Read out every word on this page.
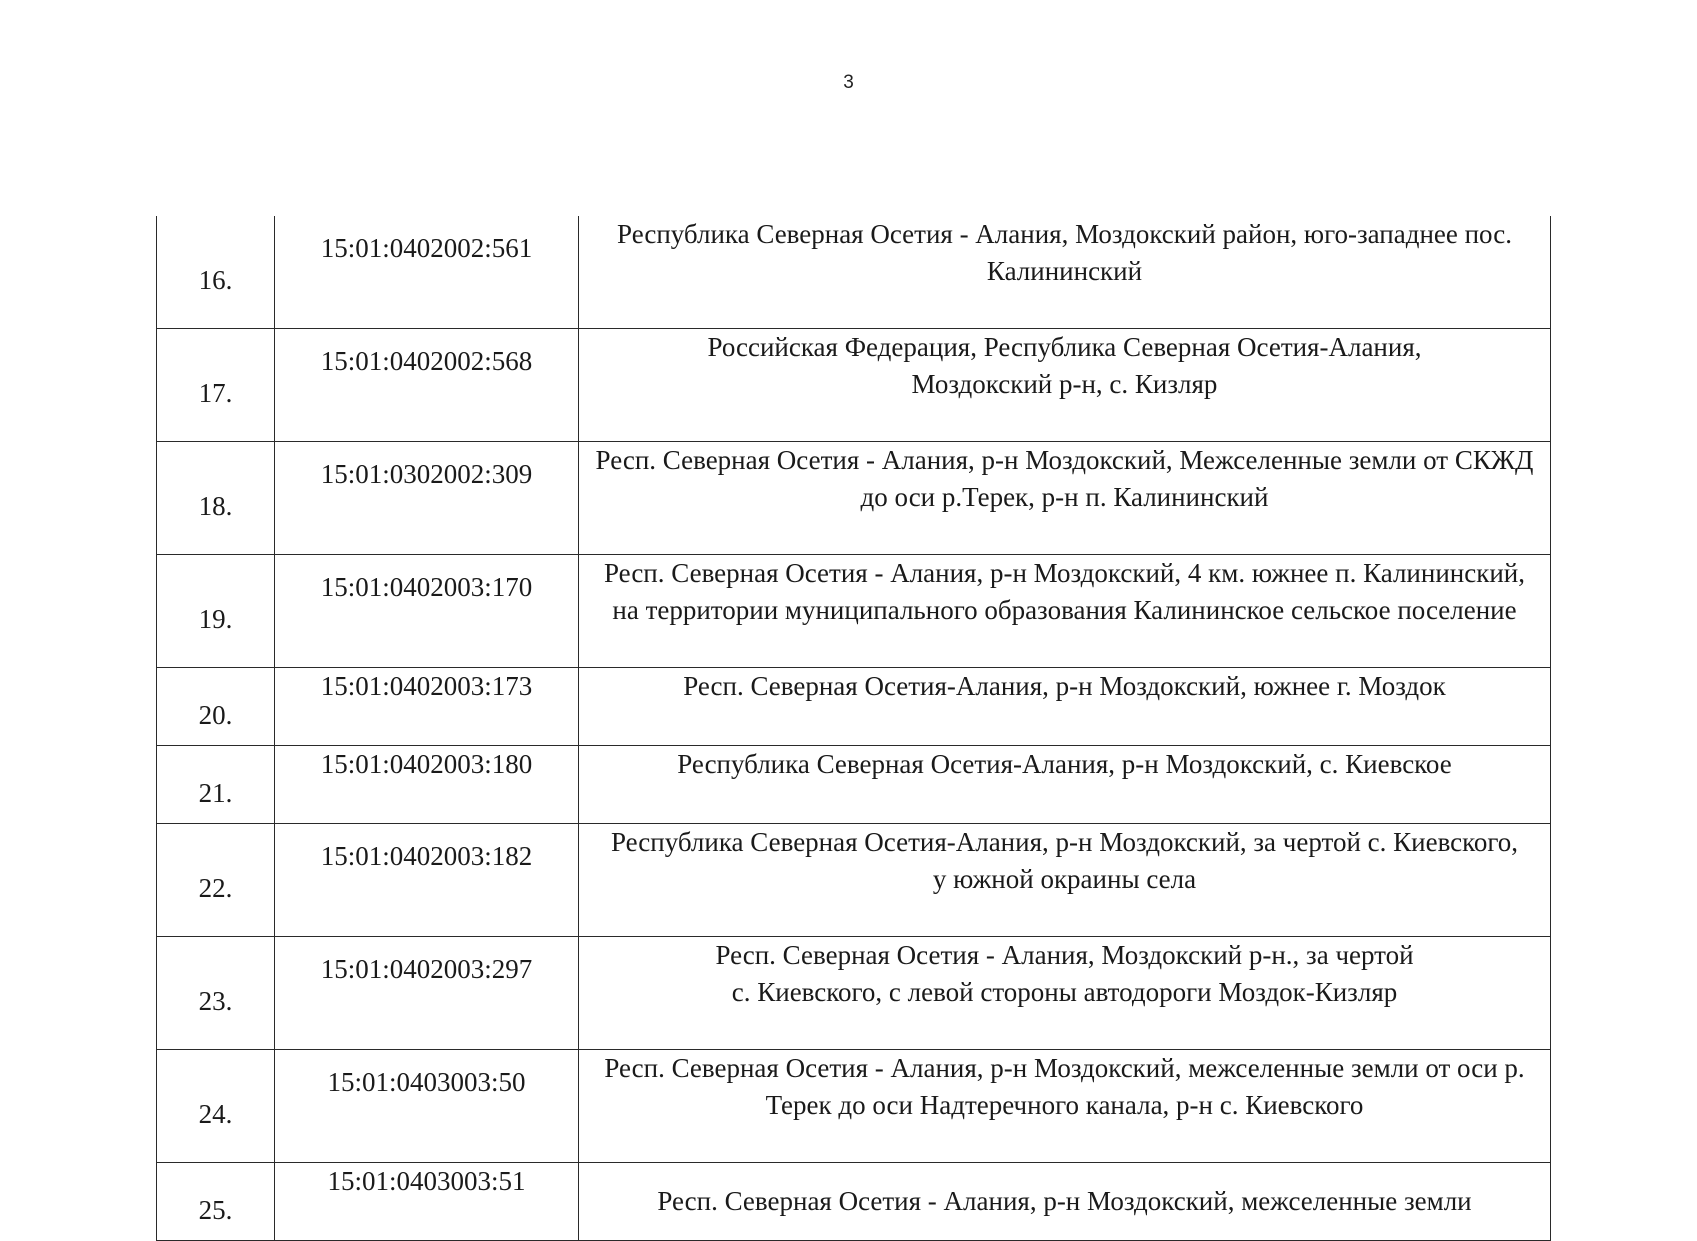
3
16.	15:01:0402002:561	Республика Северная Осетия - Алания, Моздокский район, юго-западнее пос.
Калининский

17.	15:01:0402002:568	Российская Федерация, Республика Северная Осетия-Алания,
Моздокский р-н, с. Кизляр

18.	15:01:0302002:309	Респ. Северная Осетия - Алания, р-н Моздокский, Межселенные земли от СКЖД
до оси р.Терек, р-н п. Калининский

19.	15:01:0402003:170	Респ. Северная Осетия - Алания, р-н Моздокский, 4 км. южнее п. Калининский,
на территории муниципального образования Калининское сельское поселение

20.	15:01:0402003:173	Респ. Северная Осетия-Алания, р-н Моздокский, южнее г. Моздок

21.	15:01:0402003:180	Республика Северная Осетия-Алания, р-н Моздокский, с. Киевское

22.	15:01:0402003:182	Республика Северная Осетия-Алания, р-н Моздокский, за чертой с. Киевского,
у южной окраины села

23.	15:01:0402003:297	Респ. Северная Осетия - Алания, Моздокский р-н., за чертой
с. Киевского, с левой стороны автодороги Моздок-Кизляр

24.	15:01:0403003:50	Респ. Северная Осетия - Алания, р-н Моздокский, межселенные земли от оси р.
Терек до оси Надтеречного канала, р-н с. Киевского

25.	15:01:0403003:51	Респ. Северная Осетия - Алания, р-н Моздокский, межселенные земли
